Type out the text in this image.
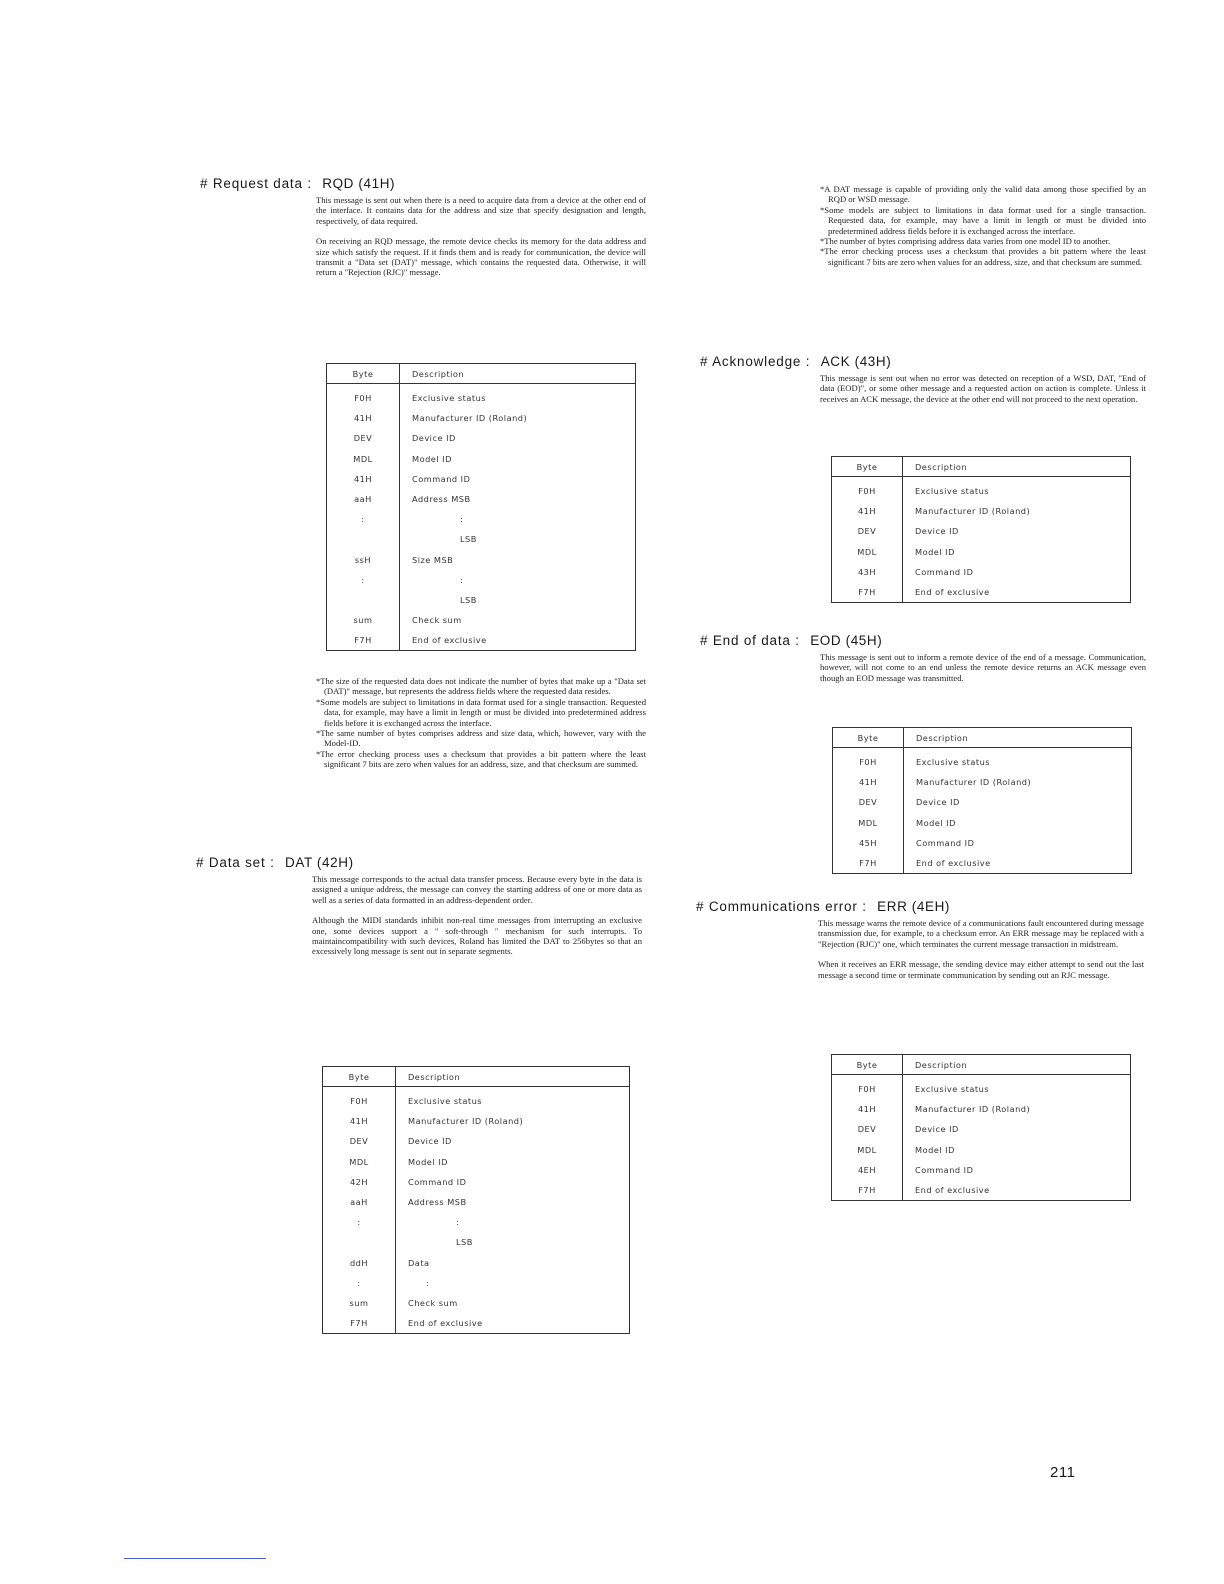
# Request data : RQD (41H)

This message is sent out when there is a need to acquire data from a device at the other end of the interface. It contains data for the address and size that specify designation and length, respectively, of data required.

On receiving an RQD message, the remote device checks its memory for the data address and size which satisfy the request. If it finds them and is ready for communication, the device will transmit a "Data set (DAT)" message, which contains the requested data. Otherwise, it will return a "Rejection (RJC)" message.

Byte	Description
F0H	Exclusive status
41H	Manufacturer ID (Roland)
DEV	Device ID
MDL	Model ID
41H	Command ID
aaH	Address MSB
:	:
	LSB
ssH	Size MSB
:	:
	LSB
sum	Check sum
F7H	End of exclusive

*The size of the requested data does not indicate the number of bytes that make up a "Data set (DAT)" message, but represents the address fields where the requested data resides.

*Some models are subject to limitations in data format used for a single transaction. Requested data, for example, may have a limit in length or must be divided into predetermined address fields before it is exchanged across the interface.

*The same number of bytes comprises address and size data, which, however, vary with the Model-ID.

*The error checking process uses a checksum that provides a bit pattern where the least significant 7 bits are zero when values for an address, size, and that checksum are summed.

# Data set : DAT (42H)

This message corresponds to the actual data transfer process. Because every byte in the data is assigned a unique address, the message can convey the starting address of one or more data as well as a series of data formatted in an address-dependent order.

Although the MIDI standards inhibit non-real time messages from interrupting an exclusive one, some devices support a " soft-through " mechanism for such interrupts. To maintaincompatibility with such devices, Roland has limited the DAT to 256bytes so that an excessively long message is sent out in separate segments.

Byte	Description
F0H	Exclusive status
41H	Manufacturer ID (Roland)
DEV	Device ID
MDL	Model ID
42H	Command ID
aaH	Address MSB
:	:
	LSB
ddH	Data
:	:
sum	Check sum
F7H	End of exclusive

*A DAT message is capable of providing only the valid data among those specified by an RQD or WSD message.

*Some models are subject to limitations in data format used for a single transaction. Requested data, for example, may have a limit in length or must be divided into predetermined address fields before it is exchanged across the interface.

*The number of bytes comprising address data varies from one model ID to another.

*The error checking process uses a checksum that provides a bit pattern where the least significant 7 bits are zero when values for an address, size, and that checksum are summed.

# Acknowledge : ACK (43H)

This message is sent out when no error was detected on reception of a WSD, DAT, "End of data (EOD)", or some other message and a requested action on action is complete. Unless it receives an ACK message, the device at the other end will not proceed to the next operation.

Byte	Description
F0H	Exclusive status
41H	Manufacturer ID (Roland)
DEV	Device ID
MDL	Model ID
43H	Command ID
F7H	End of exclusive
# End of data : EOD (45H)

This message is sent out to inform a remote device of the end of a message. Communication, however, will not come to an end unless the remote device returns an ACK message even though an EOD message was transmitted.

Byte	Description
F0H	Exclusive status
41H	Manufacturer ID (Roland)
DEV	Device ID
MDL	Model ID
45H	Command ID
F7H	End of exclusive
# Communications error : ERR (4EH)

This message warns the remote device of a communications fault encountered during message transmission due, for example, to a checksum error. An ERR message may be replaced with a "Rejection (RJC)" one, which terminates the current message transaction in midstream.

When it receives an ERR message, the sending device may either attempt to send out the last message a second time or terminate communication by sending out an RJC message.

Byte	Description
F0H	Exclusive status
41H	Manufacturer ID (Roland)
DEV	Device ID
MDL	Model ID
4EH	Command ID
F7H	End of exclusive
211
